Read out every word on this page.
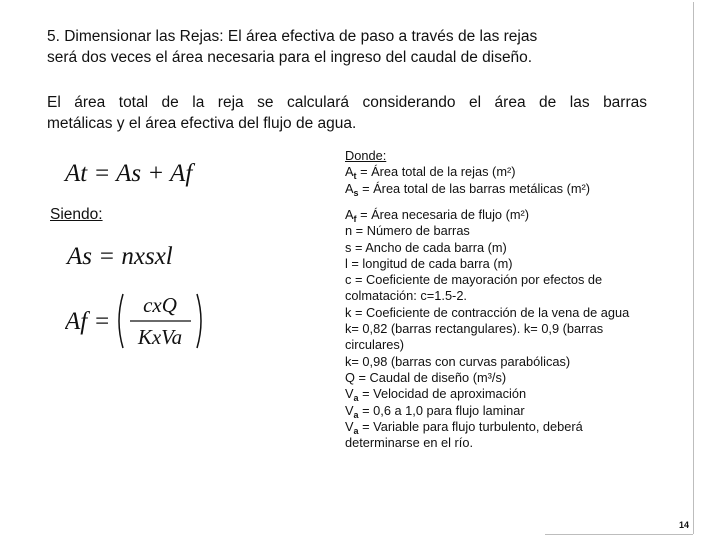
5. Dimensionar las Rejas: El área efectiva de paso a través de las rejas
será dos veces el área necesaria para el ingreso del caudal de diseño.
El área total de la reja se calculará considerando el área de las barras
metálicas y el área efectiva del flujo de agua.
At = As + Af
Siendo:
As = nxsxl
Af =
cxQ
KxVa
Donde:
$A_t$ = Área total de la rejas (m²)
$A_s$ = Área total de las barras metálicas (m²)
$A_f$ = Área necesaria de flujo (m²)
n = Número de barras
s = Ancho de cada barra (m)
l = longitud de cada barra (m)
c = Coeficiente de mayoración por efectos de
colmatación: c=1.5-2.
k = Coeficiente de contracción de la vena de agua
k= 0,82 (barras rectangulares). k= 0,9 (barras
circulares)
k= 0,98 (barras con curvas parabólicas)
Q = Caudal de diseño (m³/s)
$V_a$ = Velocidad de aproximación
$V_a = 0,6$ a 1,0 para flujo laminar
$V_a$ = Variable para flujo turbulento, deberá
determinarse en el río.
14
